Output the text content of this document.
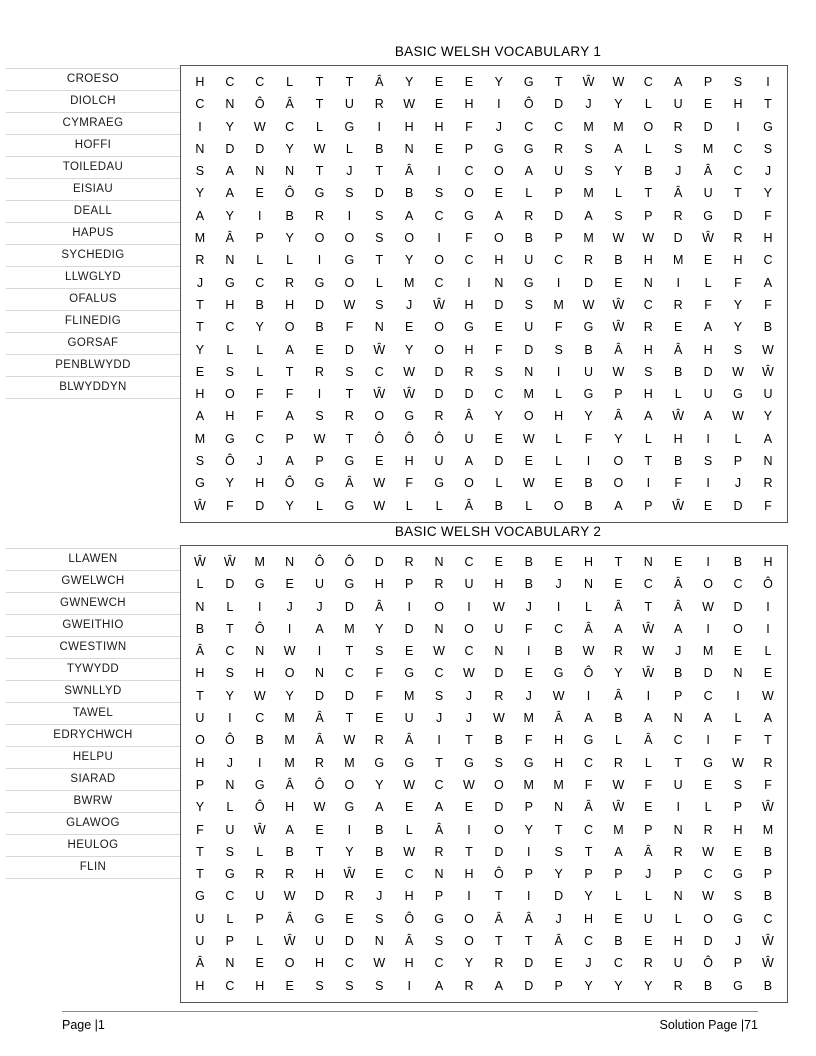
CROESO
DIOLCH
CYMRAEG
HOFFI
TOILEDAU
EISIAU
DEALL
HAPUS
SYCHEDIG
LLWGLYD
OFALUS
FLINEDIG
GORSAF
PENBLWYDD
BLWYDDYN
BASIC WELSH VOCABULARY 1
H	C	C	L	T	T	Â	Y	E	E	Y	G	T	Ŵ	W	C	A	P	S	I
C	N	Ô	Â	T	U	R	W	E	H	I	Ô	D	J	Y	L	U	E	H	T
I	Y	W	C	L	G	I	H	H	F	J	C	C	M	M	O	R	D	I	G
N	D	D	Y	W	L	B	N	E	P	G	G	R	S	A	L	S	M	C	S
S	A	N	N	T	J	T	Â	I	C	O	A	U	S	Y	B	J	Â	C	J
Y	A	E	Ô	G	S	D	B	S	O	E	L	P	M	L	T	Â	U	T	Y
A	Y	I	B	R	I	S	A	C	G	A	R	D	A	S	P	R	G	D	F
M	Â	P	Y	O	O	S	O	I	F	O	B	P	M	W	W	D	Ŵ	R	H
R	N	L	L	I	G	T	Y	O	C	H	U	C	R	B	H	M	E	H	C
J	G	C	R	G	O	L	M	C	I	N	G	I	D	E	N	I	L	F	A
T	H	B	H	D	W	S	J	Ŵ	H	D	S	M	W	Ŵ	C	R	F	Y	F
T	C	Y	O	B	F	N	E	O	G	E	U	F	G	Ŵ	R	E	A	Y	B
Y	L	L	A	E	D	Ŵ	Y	O	H	F	D	S	B	Â	H	Â	H	S	W
E	S	L	T	R	S	C	W	D	R	S	N	I	U	W	S	B	D	W	Ŵ
H	O	F	F	I	T	Ŵ	Ŵ	D	D	C	M	L	G	P	H	L	U	G	U
A	H	F	A	S	R	O	G	R	Â	Y	O	H	Y	Â	A	Ŵ	A	W	Y
M	G	C	P	W	T	Ô	Ô	Ô	U	E	W	L	F	Y	L	H	I	L	A
S	Ô	J	A	P	G	E	H	U	A	D	E	L	I	O	T	B	S	P	N
G	Y	H	Ô	G	Â	W	F	G	O	L	W	E	B	O	I	F	I	J	R
Ŵ	F	D	Y	L	G	W	L	L	Â	B	L	O	B	A	P	Ŵ	E	D	F
LLAWEN
GWELWCH
GWNEWCH
GWEITHIO
CWESTIWN
TYWYDD
SWNLLYD
TAWEL
EDRYCHWCH
HELPU
SIARAD
BWRW
GLAWOG
HEULOG
FLIN
BASIC WELSH VOCABULARY 2
Ŵ	Ŵ	M	N	Ô	Ô	D	R	N	C	E	B	E	H	T	N	E	I	B	H
L	D	G	E	U	G	H	P	R	U	H	B	J	N	E	C	Â	O	C	Ô
N	L	I	J	J	D	Â	I	O	I	W	J	I	L	Â	T	Â	W	D	I
B	T	Ô	I	A	M	Y	D	N	O	U	F	C	Â	A	Ŵ	A	I	O	I
Â	C	N	W	I	T	S	E	W	C	N	I	B	W	R	W	J	M	E	L
H	S	H	O	N	C	F	G	C	W	D	E	G	Ô	Y	Ŵ	B	D	N	E
T	Y	W	Y	D	D	F	M	S	J	R	J	W	I	Â	I	P	C	I	W
U	I	C	M	Â	T	E	U	J	J	W	M	Â	A	B	A	N	A	L	A
O	Ô	B	M	Â	W	R	Â	I	T	B	F	H	G	L	Â	C	I	F	T
H	J	I	M	R	M	G	G	T	G	S	G	H	C	R	L	T	G	W	R
P	N	G	Â	Ô	O	Y	W	C	W	O	M	M	F	W	F	U	E	S	F
Y	L	Ô	H	W	G	A	E	A	E	D	P	N	Â	Ŵ	E	I	L	P	Ŵ
F	U	Ŵ	A	E	I	B	L	Â	I	O	Y	T	C	M	P	N	R	H	M
T	S	L	B	T	Y	B	W	R	T	D	I	S	T	A	Â	R	W	E	B
T	G	R	R	H	Ŵ	E	C	N	H	Ô	P	Y	P	P	J	P	C	G	P
G	C	U	W	D	R	J	H	P	I	T	I	D	Y	L	L	N	W	S	B
U	L	P	Â	G	E	S	Ô	G	O	Â	Â	J	H	E	U	L	O	G	C
U	P	L	Ŵ	U	D	N	Â	S	O	T	T	Â	C	B	E	H	D	J	Ŵ
Â	N	E	O	H	C	W	H	C	Y	R	D	E	J	C	R	U	Ô	P	Ŵ
H	C	H	E	S	S	S	I	A	R	A	D	P	Y	Y	Y	R	B	G	B
Page |1	Solution Page |71
